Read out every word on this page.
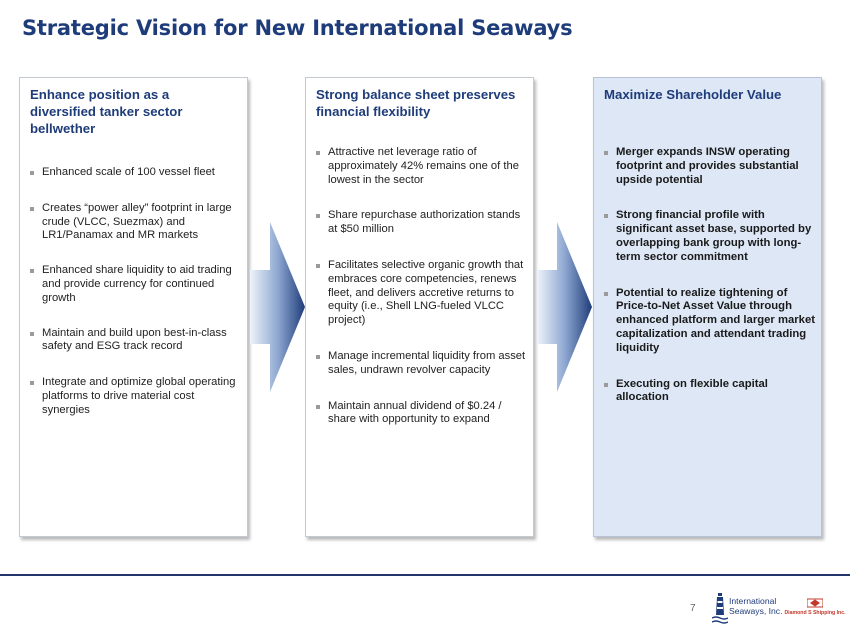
Strategic Vision for New International Seaways
Enhance position as a diversified tanker sector bellwether
Enhanced scale of 100 vessel fleet
Creates “power alley” footprint in large crude (VLCC, Suezmax) and LR1/Panamax and MR markets
Enhanced share liquidity to aid trading and provide currency for continued growth
Maintain and build upon best-in-class safety and ESG track record
Integrate and optimize global operating platforms to drive material cost synergies
Strong balance sheet preserves financial flexibility
Attractive net leverage ratio of approximately 42% remains one of the lowest in the sector
Share repurchase authorization stands at $50 million
Facilitates selective organic growth that embraces core competencies, renews fleet, and delivers accretive returns to equity (i.e., Shell LNG-fueled VLCC project)
Manage incremental liquidity from asset sales, undrawn revolver capacity
Maintain annual dividend of $0.24 / share with opportunity to expand
Maximize Shareholder Value
Merger expands INSW operating footprint and provides substantial upside potential
Strong financial profile with significant asset base, supported by overlapping bank group with long-term sector commitment
Potential to realize tightening of Price-to-Net Asset Value through enhanced platform and larger market capitalization and attendant trading liquidity
Executing on flexible capital allocation
7
International
Seaways, Inc. Diamond S Shipping Inc.
